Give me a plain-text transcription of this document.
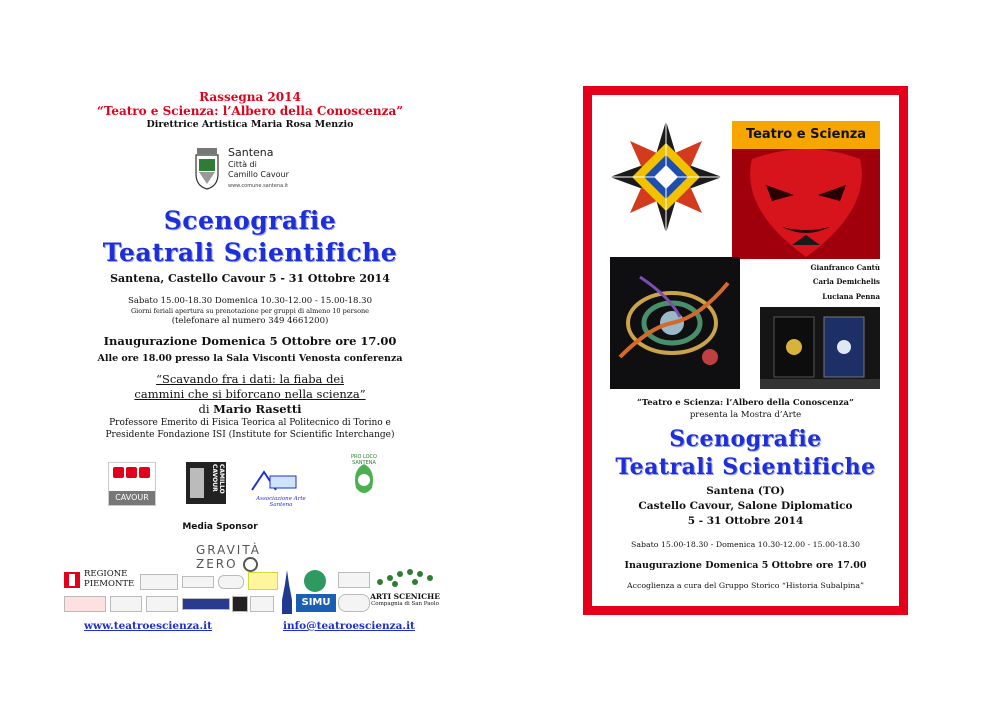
Rassegna 2014
“Teatro e Scienza: l’Albero della Conoscenza”
Direttrice Artistica Maria Rosa Menzio
Santena
Città di
Camillo Cavour
www.comune.santena.it
Scenografie
Teatrali Scientifiche
Santena, Castello Cavour 5 - 31 Ottobre 2014
Sabato 15.00-18.30 Domenica 10.30-12.00 - 15.00-18.30
Giorni feriali apertura su prenotazione per gruppi di almeno 10 persone
(telefonare al numero 349 4661200)
Inaugurazione Domenica 5 Ottobre ore 17.00
Alle ore 18.00 presso la Sala Visconti Venosta conferenza
“Scavando fra i dati: la fiaba dei
cammini che si biforcano nella scienza”
di Mario Rasetti
Professore Emerito di Fisica Teorica al Politecnico di Torino e
Presidente Fondazione ISI (Institute for Scientific Interchange)
CAVOUR
CAMILLO CAVOUR
Associazione Arte Santena
PRO LOCO SANTENA
Media Sponsor
GRAVITÀ ZERO
REGIONE
PIEMONTE
SIMU
ARTI SCENICHE
Compagnia di San Paolo
www.teatroescienza.it	info@teatroescienza.it
Teatro e Scienza
Gianfranco Cantù
Carla Demichelis
Luciana Penna
“Teatro e Scienza: l’Albero della Conoscenza”
presenta la Mostra d’Arte
Scenografie
Teatrali Scientifiche
Santena (TO)
Castello Cavour, Salone Diplomatico
5 - 31 Ottobre 2014
Sabato 15.00-18.30 - Domenica 10.30-12.00 - 15.00-18.30
Inaugurazione Domenica 5 Ottobre ore 17.00
Accoglienza a cura del Gruppo Storico “Historia Subalpina”
